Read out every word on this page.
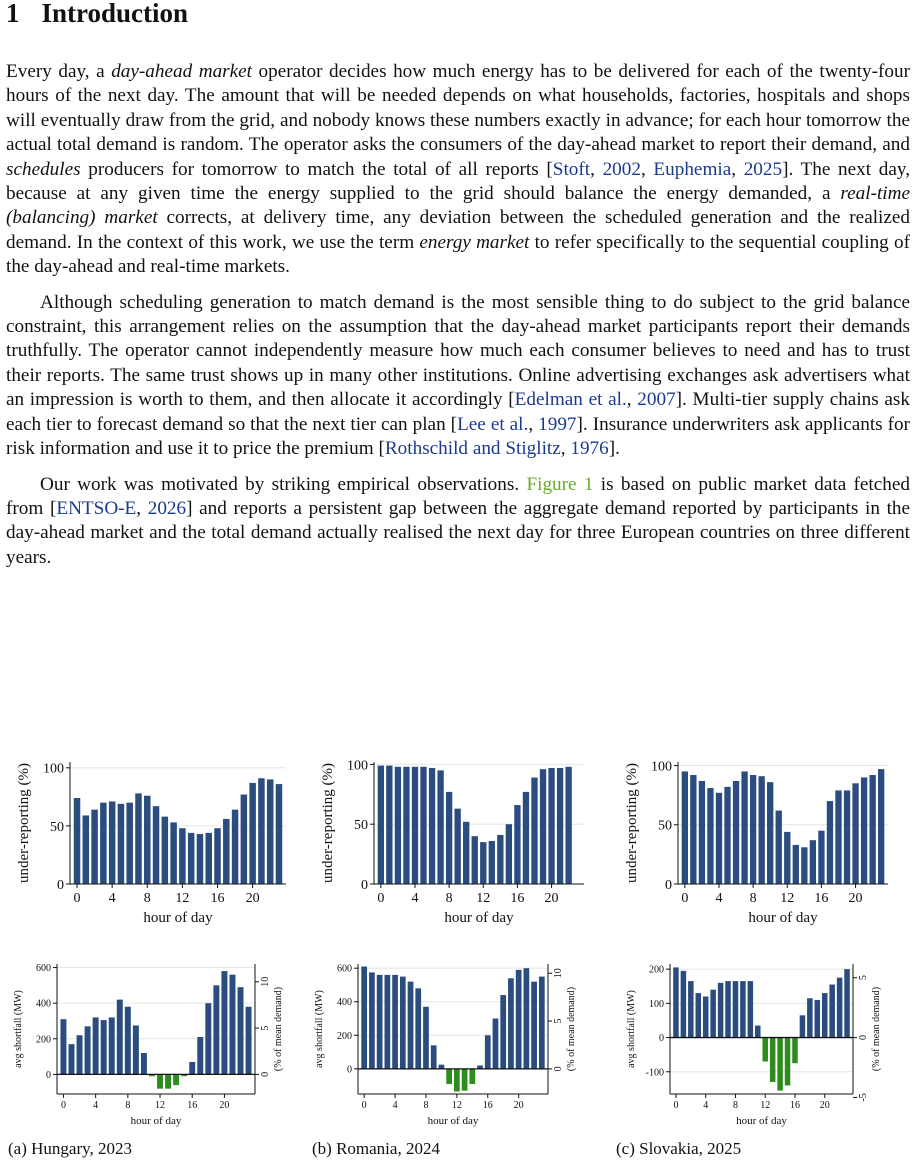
1 Introduction

Every day, a day-ahead market operator decides how much energy has to be delivered for each of the twenty-four hours of the next day. The amount that will be needed depends on what households, factories, hospitals and shops will eventually draw from the grid, and nobody knows these numbers exactly in advance; for each hour tomorrow the actual total demand is random. The operator asks the consumers of the day-ahead market to report their demand, and schedules producers for tomorrow to match the total of all reports [Stoft, 2002, Euphemia, 2025]. The next day, because at any given time the energy supplied to the grid should balance the energy demanded, a real-time (balancing) market corrects, at delivery time, any deviation between the scheduled generation and the realized demand. In the context of this work, we use the term energy market to refer specifically to the sequential coupling of the day-ahead and real-time markets.

Although scheduling generation to match demand is the most sensible thing to do subject to the grid balance constraint, this arrangement relies on the assumption that the day-ahead market participants report their demands truthfully. The operator cannot independently measure how much each consumer believes to need and has to trust their reports. The same trust shows up in many other institutions. Online advertising exchanges ask advertisers what an impression is worth to them, and then allocate it accordingly [Edelman et al., 2007]. Multi-tier supply chains ask each tier to forecast demand so that the next tier can plan [Lee et al., 1997]. Insurance underwriters ask applicants for risk information and use it to price the premium [Rothschild and Stiglitz, 1976].

Our work was motivated by striking empirical observations. Figure 1 is based on public market data fetched from [ENTSO-E, 2026] and reports a persistent gap between the aggregate demand reported by participants in the day-ahead market and the total demand actually realised the next day for three European countries on three different years.

0
50
100
0 4 8 12 16 20
hour of day
under-reporting (%)
0
50
100
0 4 8 12 16 20
hour of day
under-reporting (%)
0
50
100
0 4 8 12 16 20
hour of day
under-reporting (%)
0
200
400
600
0	4	8 12 16 20
hour of day
avg shortfall (MW)
0
5
10
(% of mean demand)	0
200
400
600
0	4	8 12 16 20
hour of day
avg shortfall (MW)
0
5
10
(% of mean demand)
-100
0
100
200
0 4 8 12 16 20
hour of day
avg shortfall (MW)
-5
0
5
(% of mean demand)
(a) Hungary, 2023	(b) Romania, 2024	(c) Slovakia, 2025
